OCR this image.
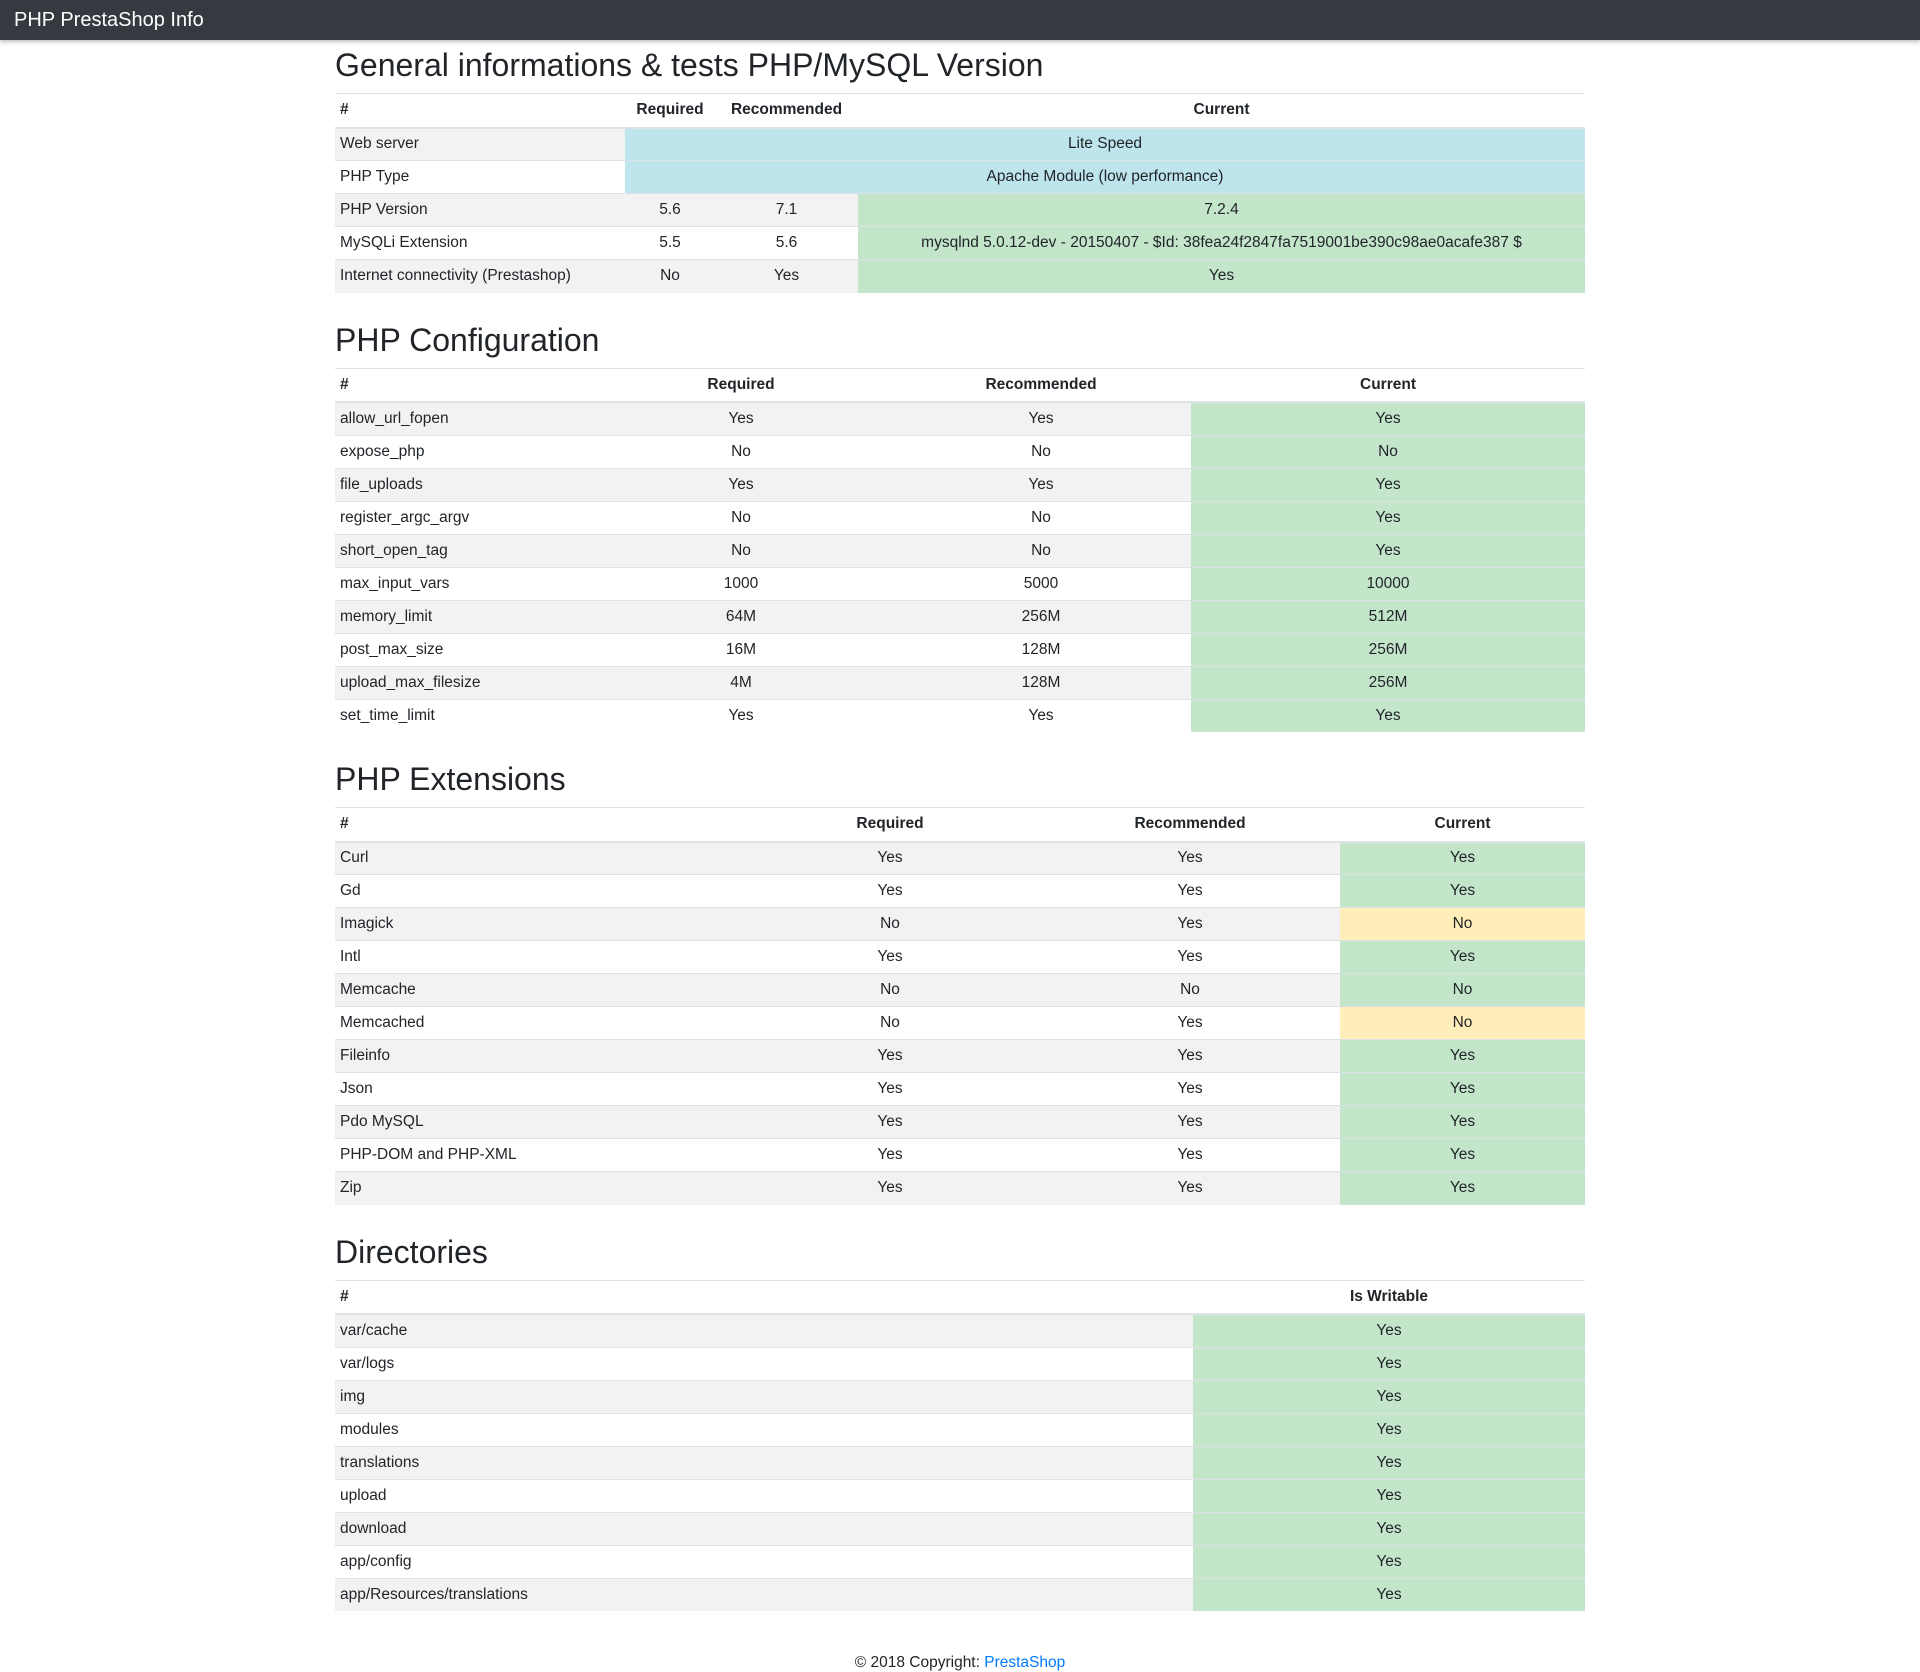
PHP PrestaShop Info
General informations & tests PHP/MySQL Version
#	Required	Recommended	Current
Web server	Lite Speed		
PHP Type	Apache Module (low performance)		
PHP Version	5.6	7.1	7.2.4
MySQLi Extension	5.5	5.6	mysqlnd 5.0.12-dev - 20150407 - $Id: 38fea24f2847fa7519001be390c98ae0acafe387 $
Internet connectivity (Prestashop)	No	Yes	Yes
PHP Configuration
#	Required	Recommended	Current
allow_url_fopen	Yes	Yes	Yes
expose_php	No	No	No
file_uploads	Yes	Yes	Yes
register_argc_argv	No	No	Yes
short_open_tag	No	No	Yes
max_input_vars	1000	5000	10000
memory_limit	64M	256M	512M
post_max_size	16M	128M	256M
upload_max_filesize	4M	128M	256M
set_time_limit	Yes	Yes	Yes
PHP Extensions
#	Required	Recommended	Current
Curl	Yes	Yes	Yes
Gd	Yes	Yes	Yes
Imagick	No	Yes	No
Intl	Yes	Yes	Yes
Memcache	No	No	No
Memcached	No	Yes	No
Fileinfo	Yes	Yes	Yes
Json	Yes	Yes	Yes
Pdo MySQL	Yes	Yes	Yes
PHP-DOM and PHP-XML	Yes	Yes	Yes
Zip	Yes	Yes	Yes
Directories
#	Is Writable
var/cache	Yes
var/logs	Yes
img	Yes
modules	Yes
translations	Yes
upload	Yes
download	Yes
app/config	Yes
app/Resources/translations	Yes
© 2018 Copyright: PrestaShop
